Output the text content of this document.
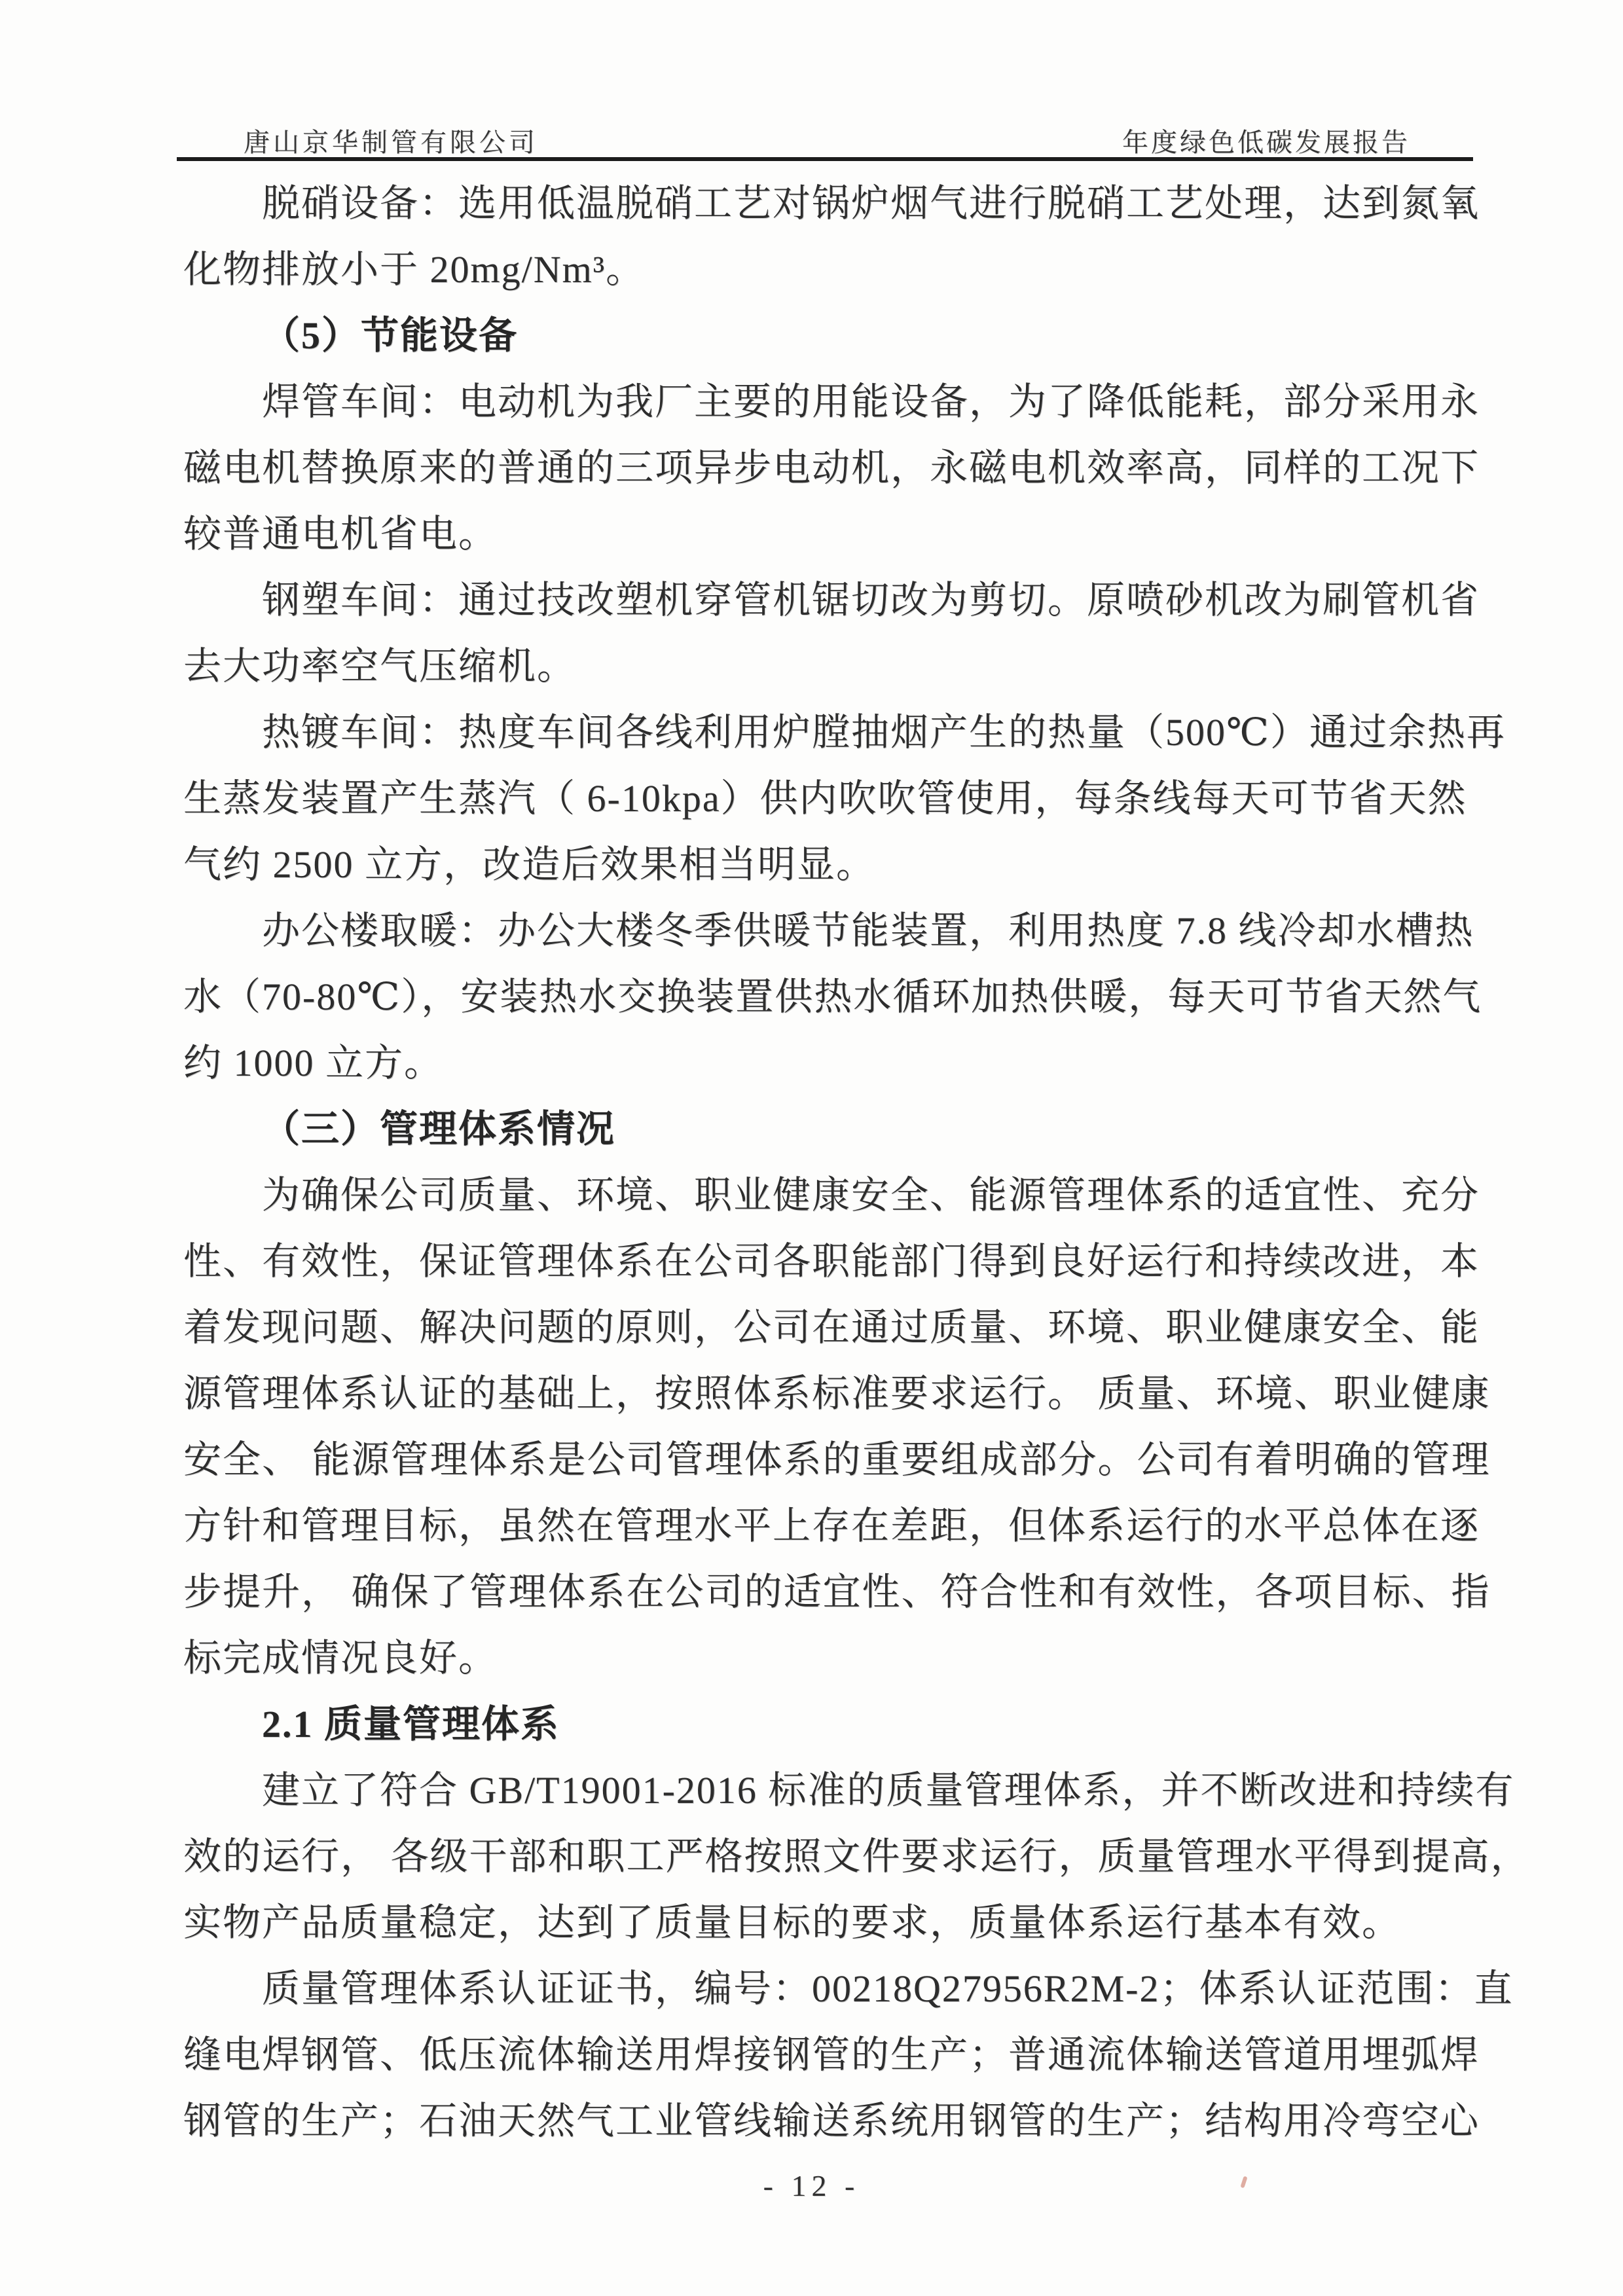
唐山京华制管有限公司	年度绿色低碳发展报告
脱硝设备：选用低温脱硝工艺对锅炉烟气进行脱硝工艺处理，达到氮氧
化物排放小于 20mg/Nm³。
（5）节能设备
焊管车间：电动机为我厂主要的用能设备，为了降低能耗，部分采用永
磁电机替换原来的普通的三项异步电动机，永磁电机效率高，同样的工况下
较普通电机省电。
钢塑车间：通过技改塑机穿管机锯切改为剪切。原喷砂机改为刷管机省
去大功率空气压缩机。
热镀车间：热度车间各线利用炉膛抽烟产生的热量（500℃）通过余热再
生蒸发装置产生蒸汽（ 6-10kpa）供内吹吹管使用，每条线每天可节省天然
气约 2500 立方，改造后效果相当明显。
办公楼取暖：办公大楼冬季供暖节能装置，利用热度 7.8 线冷却水槽热
水（70-80℃），安装热水交换装置供热水循环加热供暖，每天可节省天然气
约 1000 立方。
（三）管理体系情况
为确保公司质量、环境、职业健康安全、能源管理体系的适宜性、充分
性、有效性，保证管理体系在公司各职能部门得到良好运行和持续改进，本
着发现问题、解决问题的原则，公司在通过质量、环境、职业健康安全、能
源管理体系认证的基础上，按照体系标准要求运行。 质量、环境、职业健康
安全、 能源管理体系是公司管理体系的重要组成部分。公司有着明确的管理
方针和管理目标，虽然在管理水平上存在差距，但体系运行的水平总体在逐
步提升， 确保了管理体系在公司的适宜性、符合性和有效性，各项目标、指
标完成情况良好。
2.1 质量管理体系
建立了符合 GB/T19001-2016 标准的质量管理体系，并不断改进和持续有
效的运行， 各级干部和职工严格按照文件要求运行，质量管理水平得到提高，
实物产品质量稳定，达到了质量目标的要求，质量体系运行基本有效。
质量管理体系认证证书，编号：00218Q27956R2M-2；体系认证范围：直
缝电焊钢管、低压流体输送用焊接钢管的生产；普通流体输送管道用埋弧焊
钢管的生产；石油天然气工业管线输送系统用钢管的生产；结构用冷弯空心
- 12 -
